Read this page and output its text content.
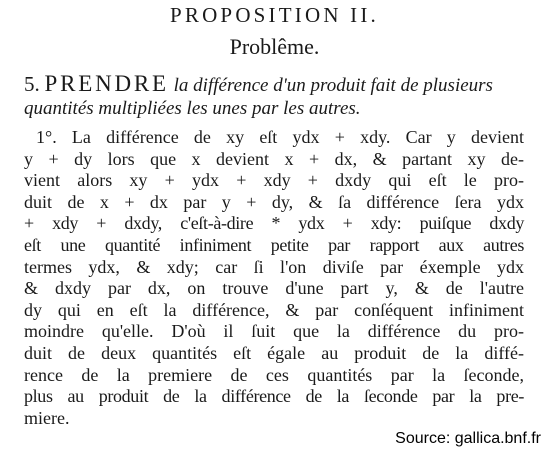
PROPOSITION II.
Problême.
5. PRENDRE la différence d'un produit fait de plusieurs quantités multipliées les unes par les autres.
1°. La différence de xy eſt ydx + xdy. Car y devient
y + dy lors que x devient x + dx, & partant xy de-
vient alors xy + ydx + xdy + dxdy qui eſt le pro-
duit de x + dx par y + dy, & ſa différence ſera ydx
+ xdy + dxdy, c'eſt-à-dire * ydx + xdy: puiſque dxdy
eſt une quantité infiniment petite par rapport aux autres
termes ydx, & xdy; car ſi l'on diviſe par éxemple ydx
& dxdy par dx, on trouve d'une part y, & de l'autre
dy qui en eſt la différence, & par conſéquent infiniment
moindre qu'elle. D'où il ſuit que la différence du pro-
duit de deux quantités eſt égale au produit de la diffé-
rence de la premiere de ces quantités par la ſeconde,
plus au produit de la différence de la ſeconde par la pre-
miere.
Source: gallica.bnf.fr
